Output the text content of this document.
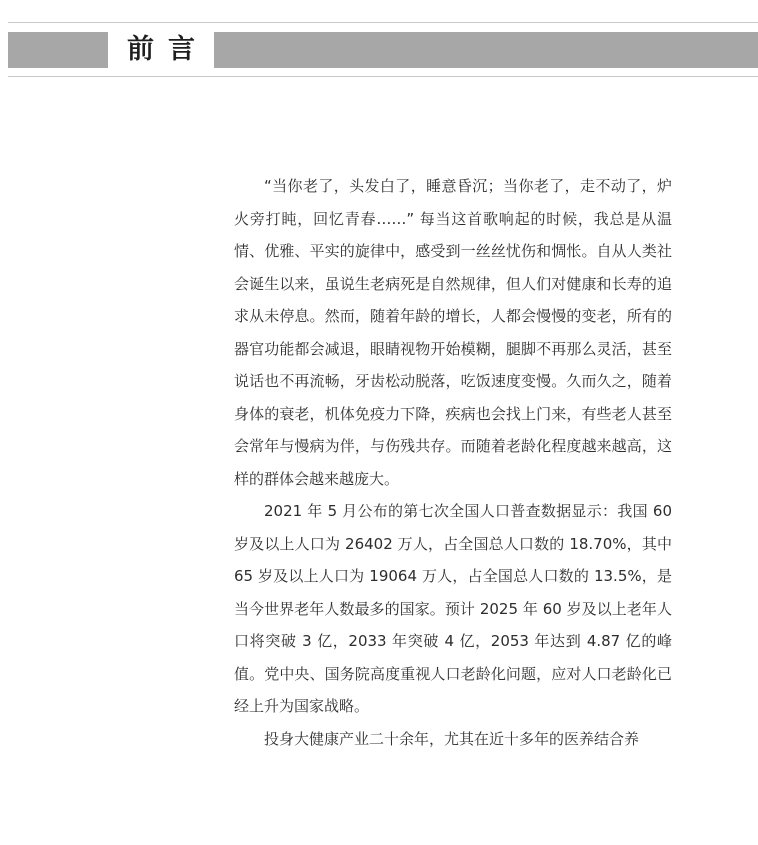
前言

“当你老了，头发白了，睡意昏沉；当你老了，走不动了，炉火旁打盹，回忆青春……” 每当这首歌响起的时候，我总是从温情、优雅、平实的旋律中，感受到一丝丝忧伤和惆怅。自从人类社会诞生以来，虽说生老病死是自然规律，但人们对健康和长寿的追求从未停息。然而，随着年龄的增长，人都会慢慢的变老，所有的器官功能都会减退，眼睛视物开始模糊，腿脚不再那么灵活，甚至说话也不再流畅，牙齿松动脱落，吃饭速度变慢。久而久之，随着身体的衰老，机体免疫力下降，疾病也会找上门来，有些老人甚至会常年与慢病为伴，与伤残共存。而随着老龄化程度越来越高，这样的群体会越来越庞大。

2021 年 5 月公布的第七次全国人口普查数据显示：我国 60 岁及以上人口为 26402 万人，占全国总人口数的 18.70%，其中 65 岁及以上人口为 19064 万人，占全国总人口数的 13.5%，是当今世界老年人数最多的国家。预计 2025 年 60 岁及以上老年人口将突破 3 亿，2033 年突破 4 亿，2053 年达到 4.87 亿的峰值。党中央、国务院高度重视人口老龄化问题，应对人口老龄化已经上升为国家战略。

投身大健康产业二十余年，尤其在近十多年的医养结合养
